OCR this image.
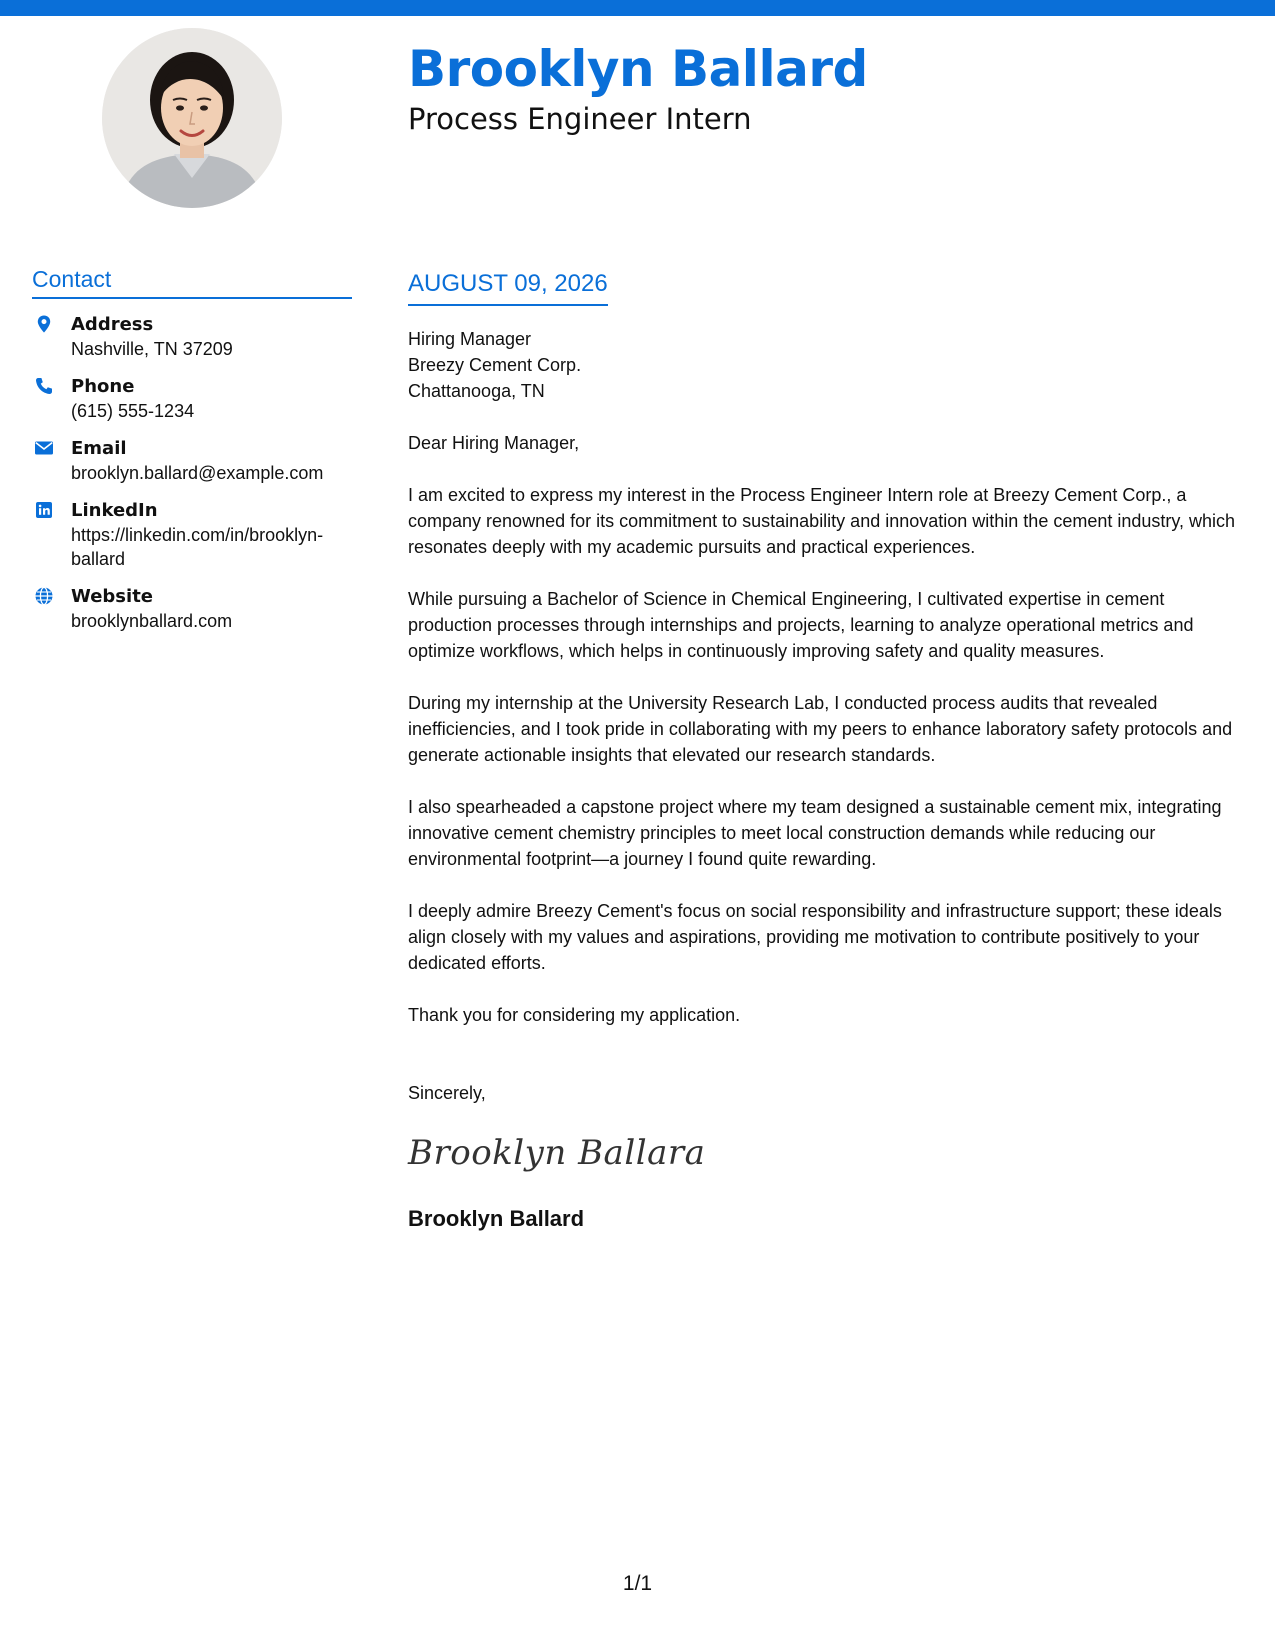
Brooklyn Ballard
Process Engineer Intern
Contact
Address
Nashville, TN 37209
Phone
(615) 555-1234
Email
brooklyn.ballard@example.com
LinkedIn
https://linkedin.com/in/brooklynballard
Website
brooklynballard.com
AUGUST 09, 2026

Hiring Manager

Breezy Cement Corp.

Chattanooga, TN

Dear Hiring Manager,

I am excited to express my interest in the Process Engineer Intern role at Breezy Cement Corp., a company renowned for its commitment to sustainability and innovation within the cement industry, which resonates deeply with my academic pursuits and practical experiences.

While pursuing a Bachelor of Science in Chemical Engineering, I cultivated expertise in cement production processes through internships and projects, learning to analyze operational metrics and optimize workflows, which helps in continuously improving safety and quality measures.

During my internship at the University Research Lab, I conducted process audits that revealed inefficiencies, and I took pride in collaborating with my peers to enhance laboratory safety protocols and generate actionable insights that elevated our research standards.

I also spearheaded a capstone project where my team designed a sustainable cement mix, integrating innovative cement chemistry principles to meet local construction demands while reducing our environmental footprint—a journey I found quite rewarding.

I deeply admire Breezy Cement's focus on social responsibility and infrastructure support; these ideals align closely with my values and aspirations, providing me motivation to contribute positively to your dedicated efforts.

Thank you for considering my application.

Sincerely,

Brooklyn Ballara
Brooklyn Ballard
1/1
